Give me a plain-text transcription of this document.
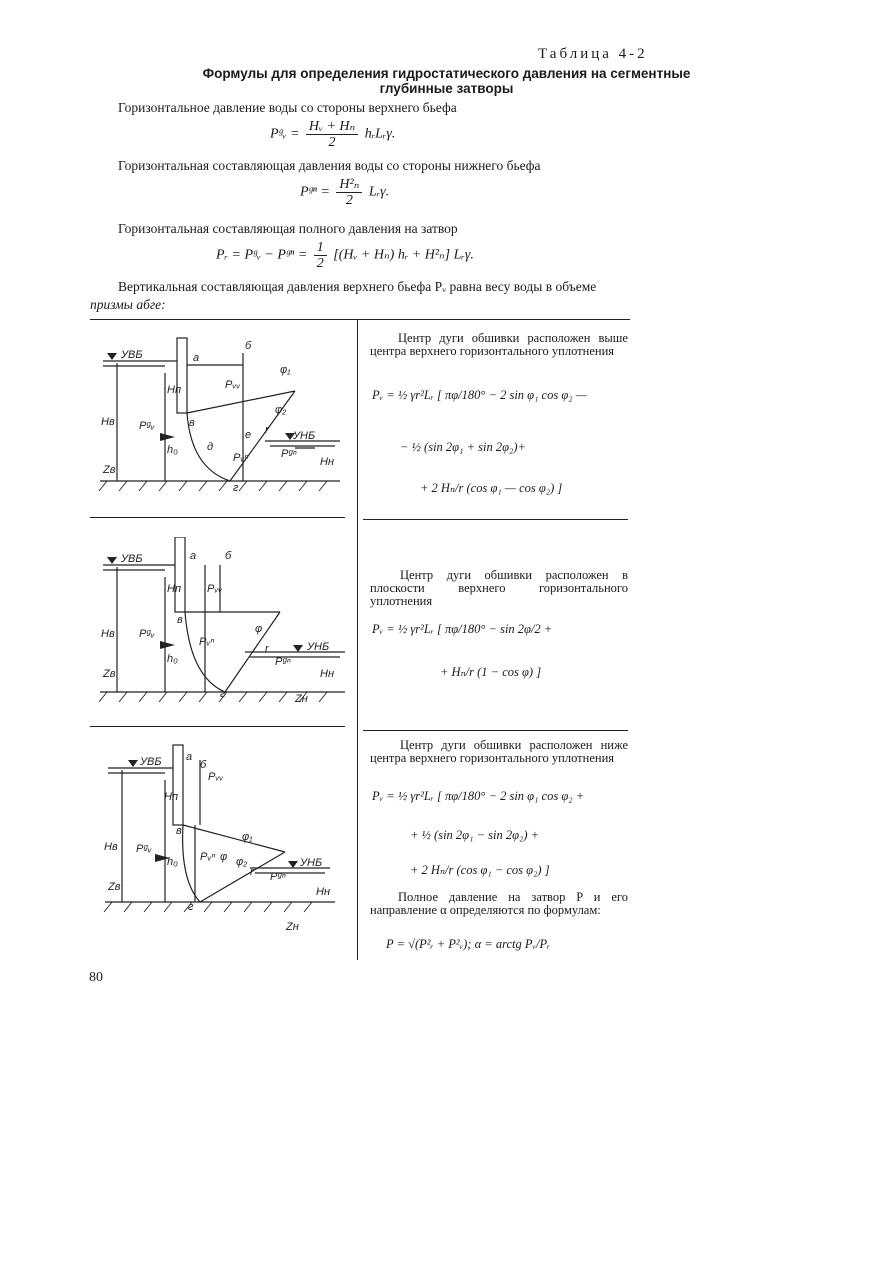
Таблица 4-2
Формулы для определения гидростатического давления на сегментные
глубинные затворы
Горизонтальное давление воды со стороны верхнего бьефа
Pᵍᵥ = $\frac{\text{Hᵥ + Hₙ}}{2}$ hᵣLᵣγ.
Горизонтальная составляющая давления воды со стороны нижнего бьефа
Pᵍⁿ = $\frac{\text{H²ₙ}}{2}$ Lᵣγ.
Горизонтальная составляющая полного давления на затвор
Pᵣ = Pᵍᵥ − Pᵍⁿ = $\frac{1}{2}$ [(Hᵥ + Hₙ) hᵣ + H²ₙ] Lᵣγ.
Вертикальная составляющая давления верхнего бьефа Pᵥ равна весу воды в объеме
призмы абге:
Центр дуги обшивки расположен выше центра верхнего горизонтального уплотнения
Pᵥ = ½ γr²Lᵣ [ πφ/180° − 2 sin φ₁ cos φ₂ —
− ½ (sin 2φ₁ + sin 2φ₂)+
+ 2 Hₙ/r (cos φ₁ — cos φ₂) ]
Центр дуги обшивки расположен в плоскости верхнего горизонтального уплотнения
Pᵥ = ½ γr²Lᵣ [ πφ/180° − sin 2φ/2 +
+ Hₙ/r (1 − cos φ) ]
Центр дуги обшивки расположен ниже центра верхнего горизонтального уплотнения
Pᵥ = ½ γr²Lᵣ [ πφ/180° − 2 sin φ₁ cos φ₂ +
+ ½ (sin 2φ₁ − sin 2φ₂) +
+ 2 Hₙ/r (cos φ₁ − cos φ₂) ]
Полное давление на затвор P и его направление α определяются по формулам:
P = √(P²ᵣ + P²ᵥ); α = arctg Pᵥ/Pᵣ
УВБ
УНБ
а
б
в
г
е
д
Hв
Hп
h₀
Zв
Hн
Pᵍᵥ
Pᵥᵥ
Pᵍⁿ
Pᵥⁿ
r
φ₁
φ₂
УВБ
УНБ
а	б
в
г
Hв
Hп
h₀
Zв	Hн
Zн
Pᵍᵥ
Pᵥᵥ
Pᵍⁿ
Pᵥⁿ
r
φ
УВБ
УНБ
а
б
в
г
Hв
Hп
h₀
Zв	Hн
Zн
Pᵍᵥ
Pᵥᵥ
Pᵍⁿ
Pᵥⁿ
r
φ
φ₁
φ₂
80
